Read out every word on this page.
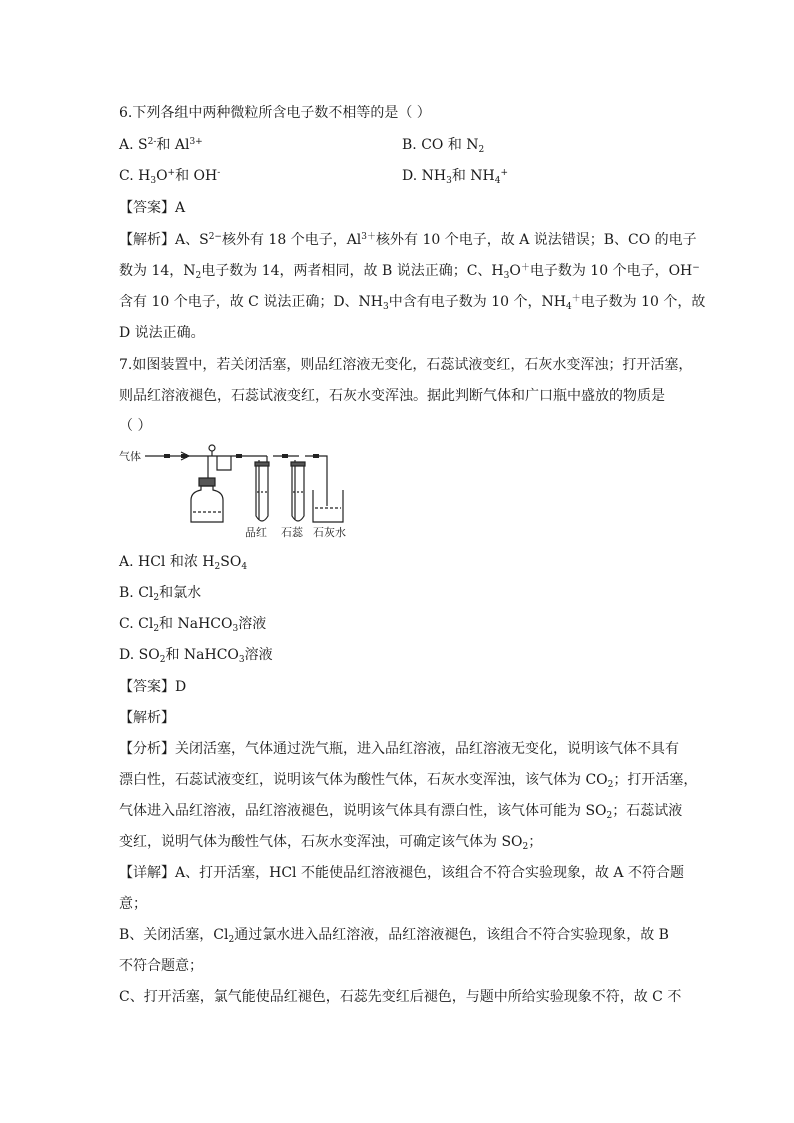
6.下列各组中两种微粒所含电子数不相等的是（ ）
A. $S^{2-}$和 $Al^{3+}$	B. CO 和 $N_2$
C. $H_3O^+$和 OH-	D. $NH_3$和 $NH_4^+$
【答案】A
【解析】A、$S^{2-}$核外有 18 个电子，$Al^{3+}$核外有 10 个电子，故 A 说法错误；B、CO 的电子
数为 14，$N_2$电子数为 14，两者相同，故 B 说法正确；C、$H_3O^+$电子数为 10 个电子，OH−
含有 10 个电子，故 C 说法正确；D、$NH_3$中含有电子数为 10 个，$NH_4^+$电子数为 10 个，故
D 说法正确。
7.如图装置中，若关闭活塞，则品红溶液无变化，石蕊试液变红，石灰水变浑浊；打开活塞，
则品红溶液褪色，石蕊试液变红，石灰水变浑浊。据此判断气体和广口瓶中盛放的物质是
（ ）
气体
品红 石蕊 石灰水
A. HCl 和浓 $H_2SO_4$
B. $Cl_2$和氯水
C. $Cl_2$和 NaHCO$_3$溶液
D. $SO_2$和 NaHCO$_3$溶液
【答案】D
【解析】
【分析】关闭活塞，气体通过洗气瓶，进入品红溶液，品红溶液无变化，说明该气体不具有
漂白性，石蕊试液变红，说明该气体为酸性气体，石灰水变浑浊，该气体为 $CO_2$；打开活塞，
气体进入品红溶液，品红溶液褪色，说明该气体具有漂白性，该气体可能为 $SO_2$；石蕊试液
变红，说明气体为酸性气体，石灰水变浑浊，可确定该气体为 $SO_2$；
【详解】A、打开活塞，HCl 不能使品红溶液褪色，该组合不符合实验现象，故 A 不符合题
意；
B、关闭活塞，$Cl_2$通过氯水进入品红溶液，品红溶液褪色，该组合不符合实验现象，故 B
不符合题意；
C、打开活塞，氯气能使品红褪色，石蕊先变红后褪色，与题中所给实验现象不符，故 C 不
